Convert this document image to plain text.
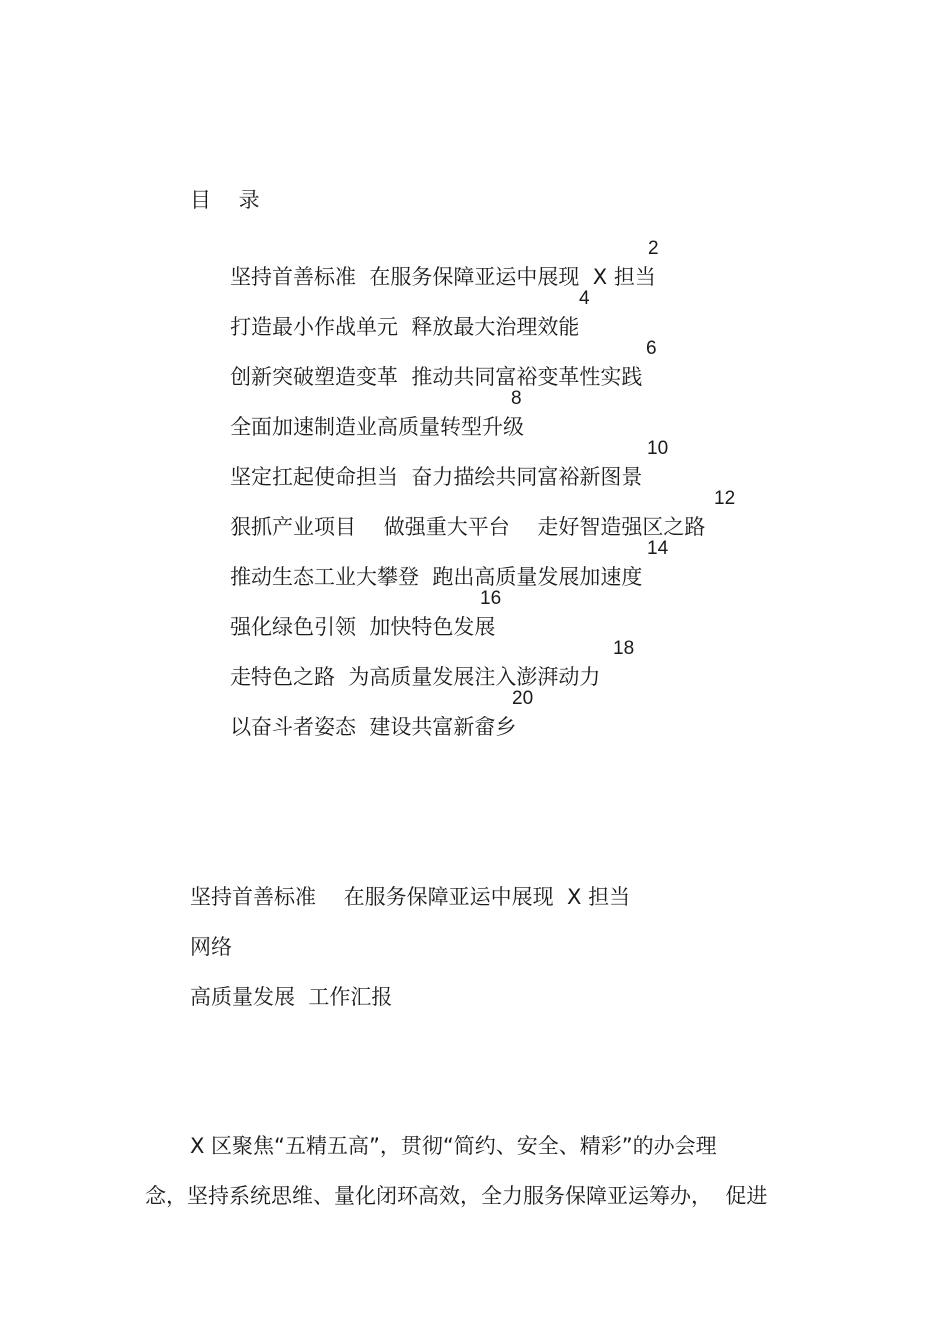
目　 录

坚持首善标准  在服务保障亚运中展现  X 担当

2

打造最小作战单元  释放最大治理效能

4

创新突破塑造变革  推动共同富裕变革性实践

6

全面加速制造业高质量转型升级

8

坚定扛起使命担当  奋力描绘共同富裕新图景

10

狠抓产业项目　 做强重大平台　 走好智造强区之路

12

推动生态工业大攀登  跑出高质量发展加速度

14

强化绿色引领  加快特色发展

16

走特色之路  为高质量发展注入澎湃动力

18

以奋斗者姿态  建设共富新畲乡

20

坚持首善标准　 在服务保障亚运中展现  X 担当
网络
高质量发展  工作汇报
X 区聚焦“五精五高”，贯彻“简约、安全、精彩”的办会理
念，坚持系统思维、量化闭环高效，全力服务保障亚运筹办，  促进
